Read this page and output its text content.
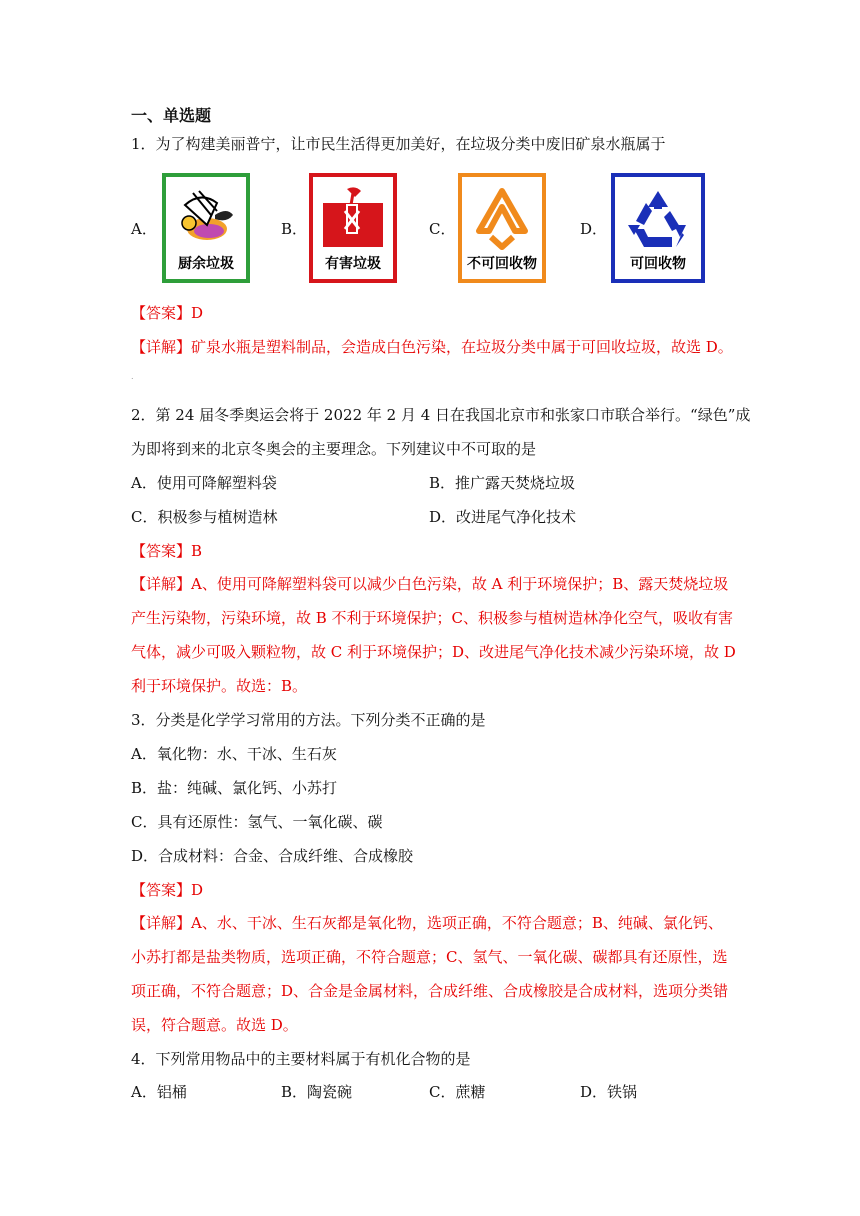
一、单选题
1．为了构建美丽普宁，让市民生活得更加美好，在垃圾分类中废旧矿泉水瓶属于
A．
厨余垃圾
B．
有害垃圾
C．
不可回收物
D．
可回收物
【答案】D
【详解】矿泉水瓶是塑料制品，会造成白色污染，在垃圾分类中属于可回收垃圾，故选 D。
.
2．第 24 届冬季奥运会将于 2022 年 2 月 4 日在我国北京市和张家口市联合举行。“绿色”成
为即将到来的北京冬奥会的主要理念。下列建议中不可取的是
A．使用可降解塑料袋	B．推广露天焚烧垃圾
C．积极参与植树造林	D．改进尾气净化技术
【答案】B
【详解】A、使用可降解塑料袋可以减少白色污染，故 A 利于环境保护；B、露天焚烧垃圾
产生污染物，污染环境，故 B 不利于环境保护；C、积极参与植树造林净化空气，吸收有害
气体，减少可吸入颗粒物，故 C 利于环境保护；D、改进尾气净化技术减少污染环境，故 D
利于环境保护。故选：B。
3．分类是化学学习常用的方法。下列分类不正确的是
A．氧化物：水、干冰、生石灰
B．盐：纯碱、氯化钙、小苏打
C．具有还原性：氢气、一氧化碳、碳
D．合成材料：合金、合成纤维、合成橡胶
【答案】D
【详解】A、水、干冰、生石灰都是氧化物，选项正确，不符合题意；B、纯碱、氯化钙、
小苏打都是盐类物质，选项正确，不符合题意；C、氢气、一氧化碳、碳都具有还原性，选
项正确，不符合题意；D、合金是金属材料，合成纤维、合成橡胶是合成材料，选项分类错
误，符合题意。故选 D。
4．下列常用物品中的主要材料属于有机化合物的是
A．铝桶	B．陶瓷碗	C．蔗糖	D．铁锅
